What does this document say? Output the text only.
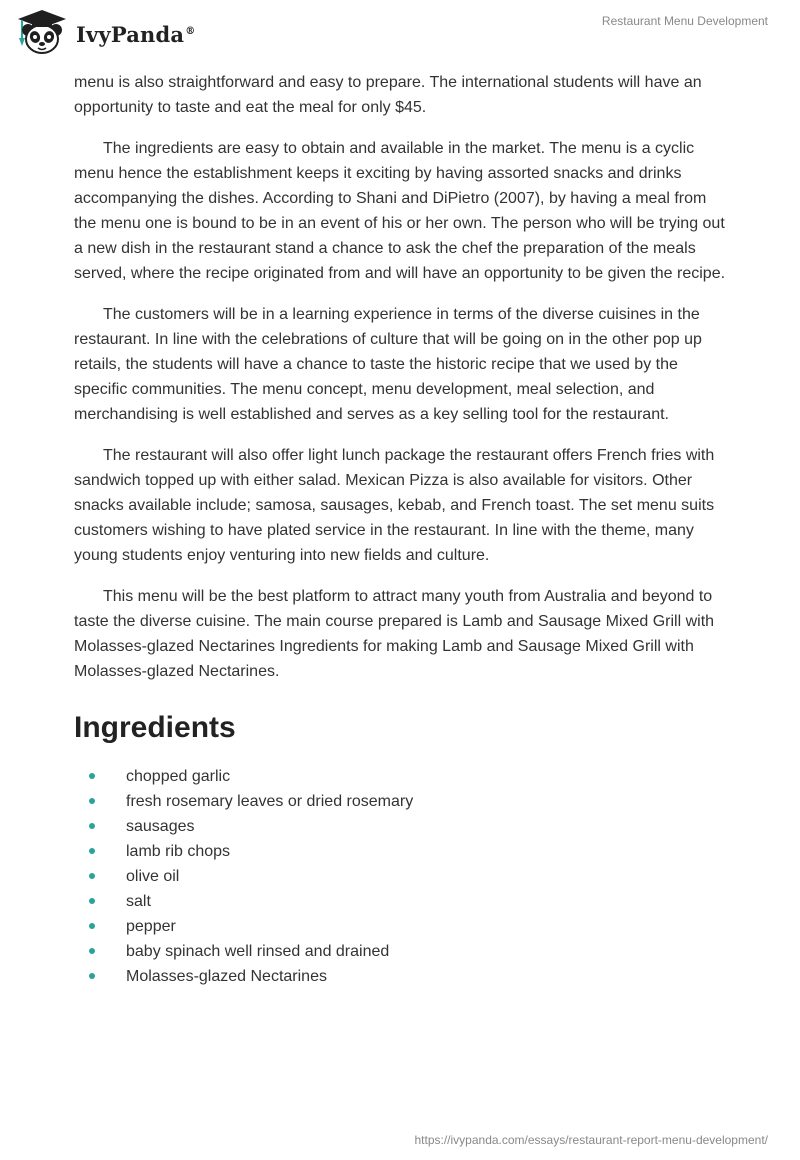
IvyPanda®
Restaurant Menu Development

menu is also straightforward and easy to prepare. The international students will have an opportunity to taste and eat the meal for only $45.

The ingredients are easy to obtain and available in the market. The menu is a cyclic menu hence the establishment keeps it exciting by having assorted snacks and drinks accompanying the dishes. According to Shani and DiPietro (2007), by having a meal from the menu one is bound to be in an event of his or her own. The person who will be trying out a new dish in the restaurant stand a chance to ask the chef the preparation of the meals served, where the recipe originated from and will have an opportunity to be given the recipe.

The customers will be in a learning experience in terms of the diverse cuisines in the restaurant. In line with the celebrations of culture that will be going on in the other pop up retails, the students will have a chance to taste the historic recipe that we used by the specific communities. The menu concept, menu development, meal selection, and merchandising is well established and serves as a key selling tool for the restaurant.

The restaurant will also offer light lunch package the restaurant offers French fries with sandwich topped up with either salad. Mexican Pizza is also available for visitors. Other snacks available include; samosa, sausages, kebab, and French toast. The set menu suits customers wishing to have plated service in the restaurant. In line with the theme, many young students enjoy venturing into new fields and culture.

This menu will be the best platform to attract many youth from Australia and beyond to taste the diverse cuisine. The main course prepared is Lamb and Sausage Mixed Grill with Molasses-glazed Nectarines Ingredients for making Lamb and Sausage Mixed Grill with Molasses-glazed Nectarines.

Ingredients
chopped garlic
fresh rosemary leaves or dried rosemary
sausages
lamb rib chops
olive oil
salt
pepper
baby spinach well rinsed and drained
Molasses-glazed Nectarines
https://ivypanda.com/essays/restaurant-report-menu-development/
